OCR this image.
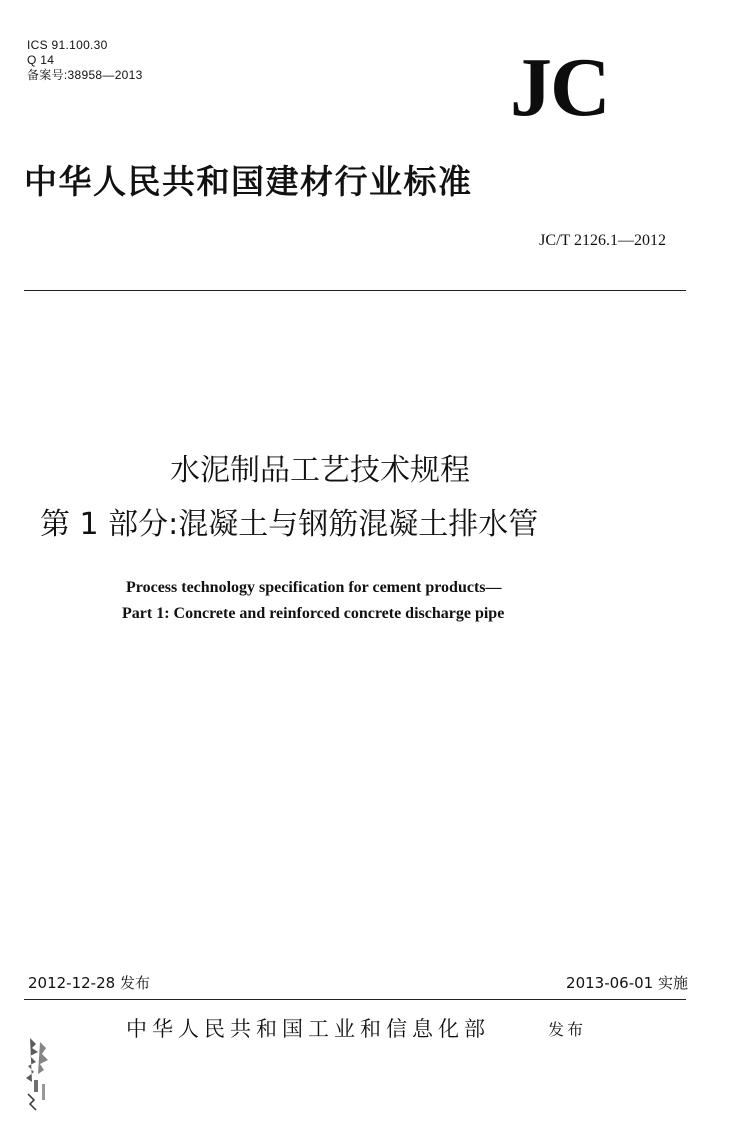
ICS 91.100.30
Q 14
备案号:38958—2013	JC
中华人民共和国建材行业标准
JC/T 2126.1—2012
水泥制品工艺技术规程
第 1 部分:混凝土与钢筋混凝土排水管
Process technology specification for cement products—
Part 1: Concrete and reinforced concrete discharge pipe
2012-12-28 发布	2013-06-01 实施
中华人民共和国工业和信息化部	发布
